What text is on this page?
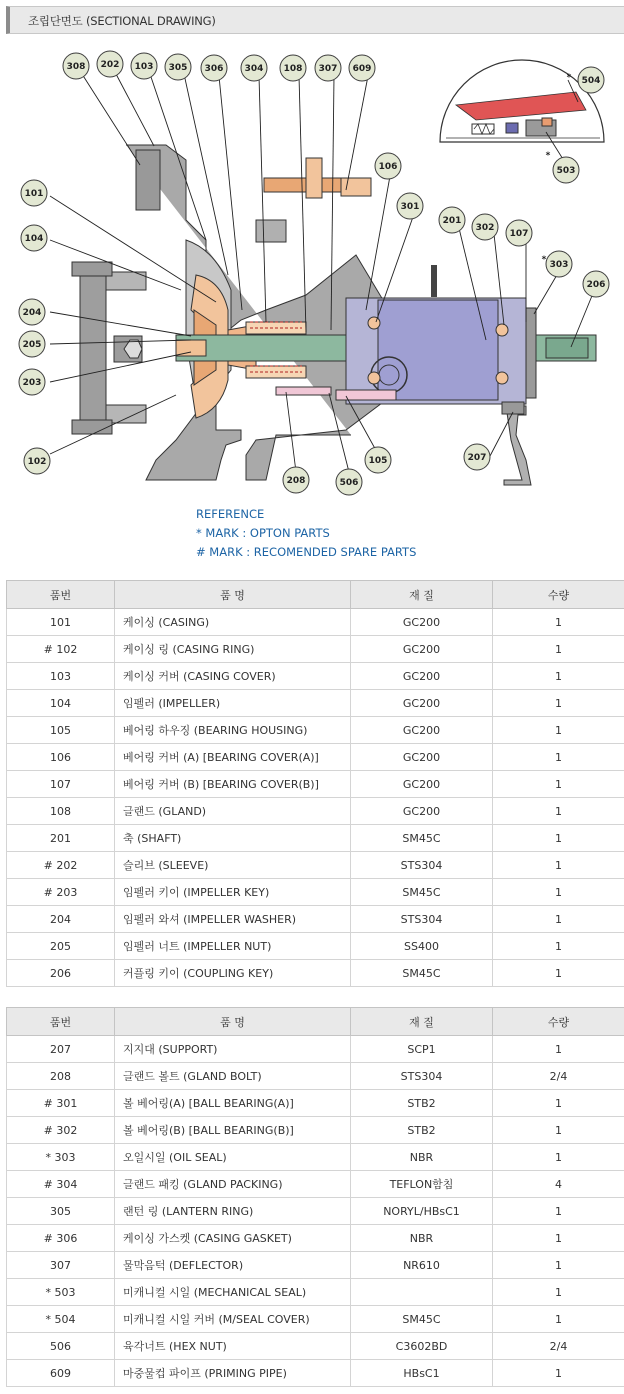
조립단면도 (SECTIONAL DRAWING)
308 202 103 305 306 304 108 307 609
* 504
*
503
101
104
106
301
201
302
107
* 303
206
204
205
203
102	207
208	506
105
REFERENCE
* MARK : OPTON PARTS
# MARK : RECOMENDED SPARE PARTS
품번	품 명	재 질	수량
101	케이싱 (CASING)	GC200	1
# 102	케이싱 링 (CASING RING)	GC200	1
103	케이싱 커버 (CASING COVER)	GC200	1
104	임펠러 (IMPELLER)	GC200	1
105	베어링 하우징 (BEARING HOUSING)	GC200	1
106	베어링 커버 (A) [BEARING COVER(A)]	GC200	1
107	베어링 커버 (B) [BEARING COVER(B)]	GC200	1
108	글랜드 (GLAND)	GC200	1
201	축 (SHAFT)	SM45C	1
# 202	슬리브 (SLEEVE)	STS304	1
# 203	임펠러 키이 (IMPELLER KEY)	SM45C	1
204	임펠러 와셔 (IMPELLER WASHER)	STS304	1
205	임펠러 너트 (IMPELLER NUT)	SS400	1
206	커플링 키이 (COUPLING KEY)	SM45C	1
품번	품 명	재 질	수량
207	지지대 (SUPPORT)	SCP1	1
208	글랜드 볼트 (GLAND BOLT)	STS304	2/4
# 301	볼 베어링(A) [BALL BEARING(A)]	STB2	1
# 302	볼 베어링(B) [BALL BEARING(B)]	STB2	1
* 303	오일시일 (OIL SEAL)	NBR	1
# 304	글랜드 패킹 (GLAND PACKING)	TEFLON함침	4
305	랜턴 링 (LANTERN RING)	NORYL/HBsC1	1
# 306	케이싱 가스켓 (CASING GASKET)	NBR	1
307	물막음턱 (DEFLECTOR)	NR610	1
* 503	미캐니컬 시일 (MECHANICAL SEAL)		1
* 504	미캐니컬 시일 커버 (M/SEAL COVER)	SM45C	1
506	육각너트 (HEX NUT)	C3602BD	2/4
609	마중물컵 파이프 (PRIMING PIPE)	HBsC1	1
